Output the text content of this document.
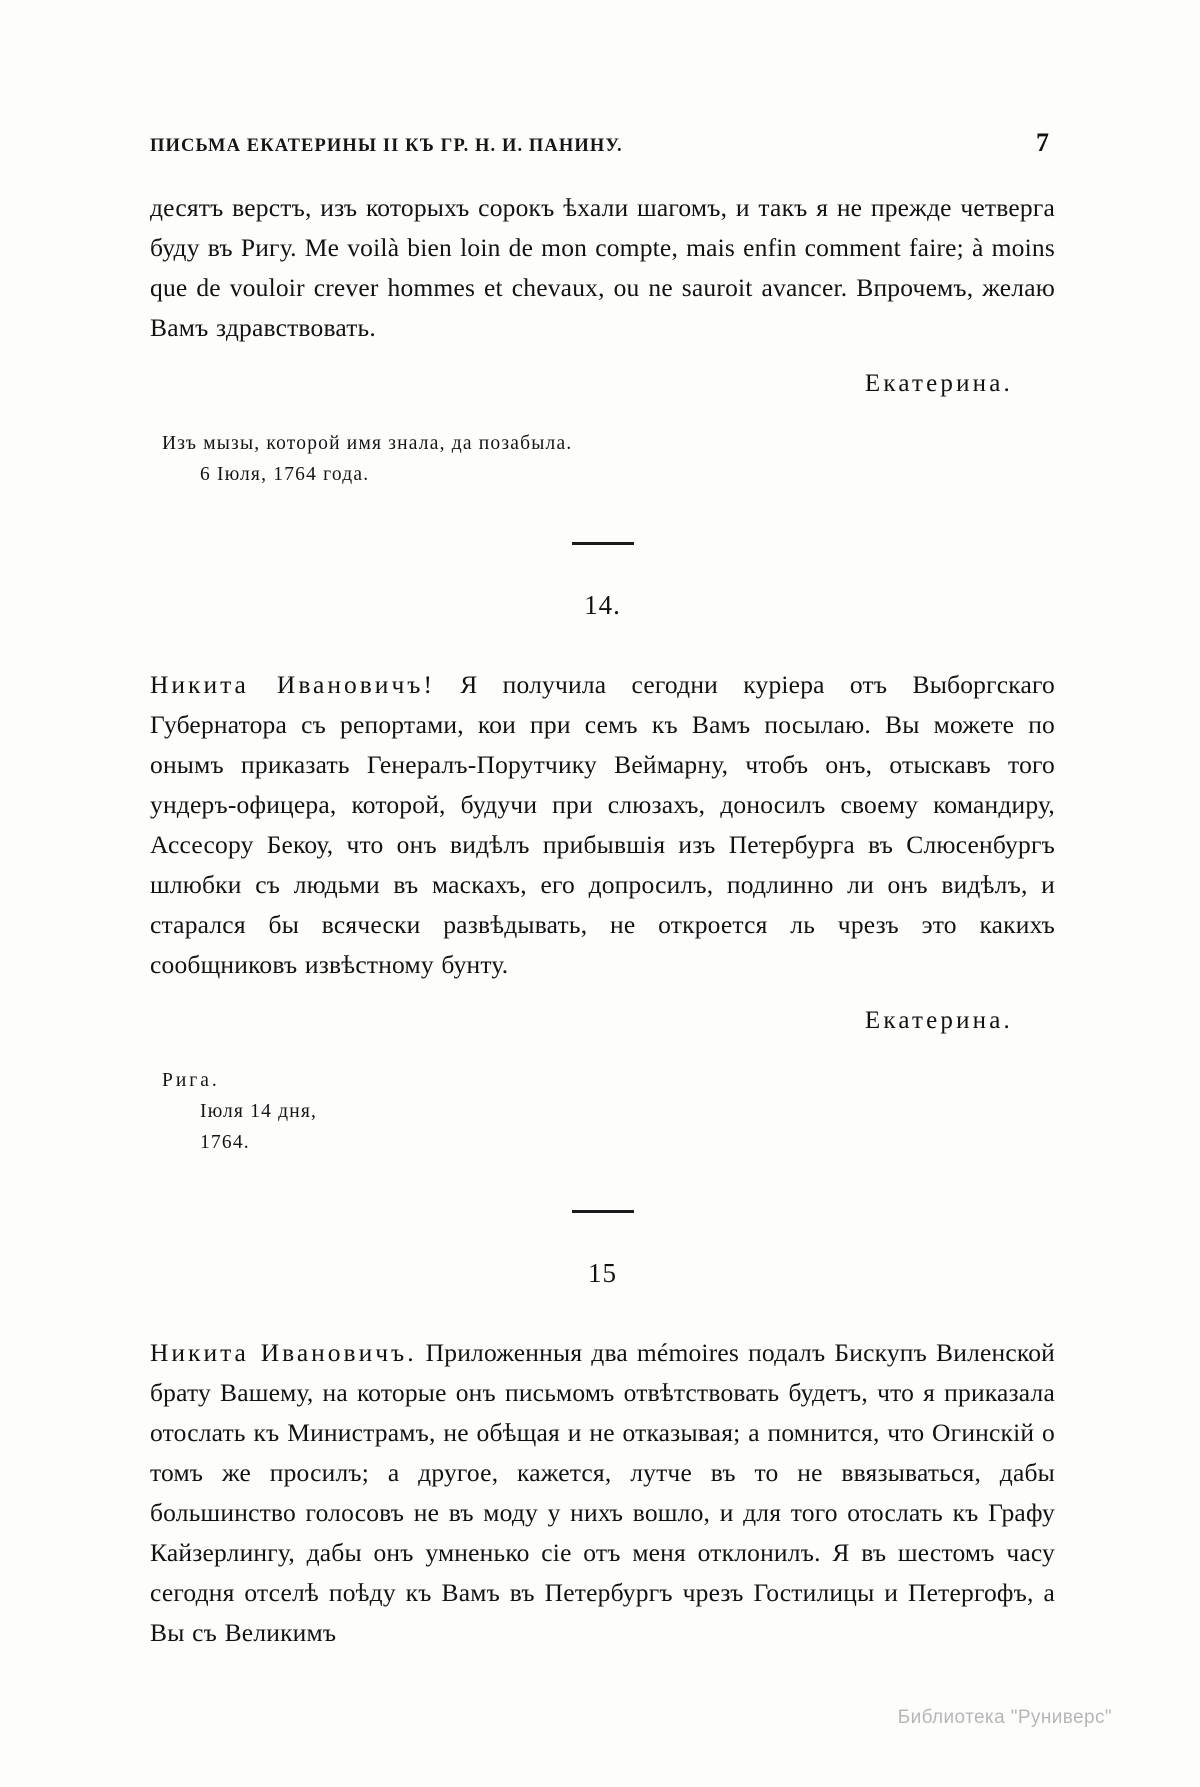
ПИСЬМА ЕКАТЕРИНЫ II КЪ ГР. Н. И. ПАНИНУ.	7
десятъ верстъ, изъ которыхъ сорокъ ѣхали шагомъ, и такъ я не прежде четверга буду въ Ригу. Me voilà bien loin de mon compte, mais enfin comment faire; à moins que de vouloir crever hommes et chevaux, ou ne sauroit avancer. Впрочемъ, желаю Вамъ здравствовать.
Екатерина.
Изъ мызы, которой имя знала, да позабыла.
6 Іюля, 1764 года.
14.
Никита Ивановичъ! Я получила сегодни куріера отъ Выборгскаго Губернатора съ репортами, кои при семъ къ Вамъ посылаю. Вы можете по онымъ приказать Генералъ-Порутчику Веймарну, чтобъ онъ, отыскавъ того ундеръ-офицера, которой, будучи при слюзахъ, доносилъ своему командиру, Ассесору Бекоу, что онъ видѣлъ прибывшія изъ Петербурга въ Слюсенбургъ шлюбки съ людьми въ маскахъ, его допросилъ, подлинно ли онъ видѣлъ, и старался бы всячески развѣдывать, не откроется ль чрезъ это какихъ сообщниковъ извѣстному бунту.
Екатерина.
Рига.
Іюля 14 дня,
1764.
15
Никита Ивановичъ. Приложенныя два mémoires подалъ Бискупъ Виленской брату Вашему, на которые онъ письмомъ отвѣтствовать будетъ, что я приказала отослать къ Министрамъ, не обѣщая и не отказывая; а помнится, что Огинскій о томъ же просилъ; а другое, кажется, лутче въ то не ввязываться, дабы большинство голосовъ не въ моду у нихъ вошло, и для того отослать къ Графу Кайзерлингу, дабы онъ умненько сіе отъ меня отклонилъ. Я въ шестомъ часу сегодня отселѣ поѣду къ Вамъ въ Петербургъ чрезъ Гостилицы и Петергофъ, а Вы съ Великимъ
Библиотека "Руниверс"
